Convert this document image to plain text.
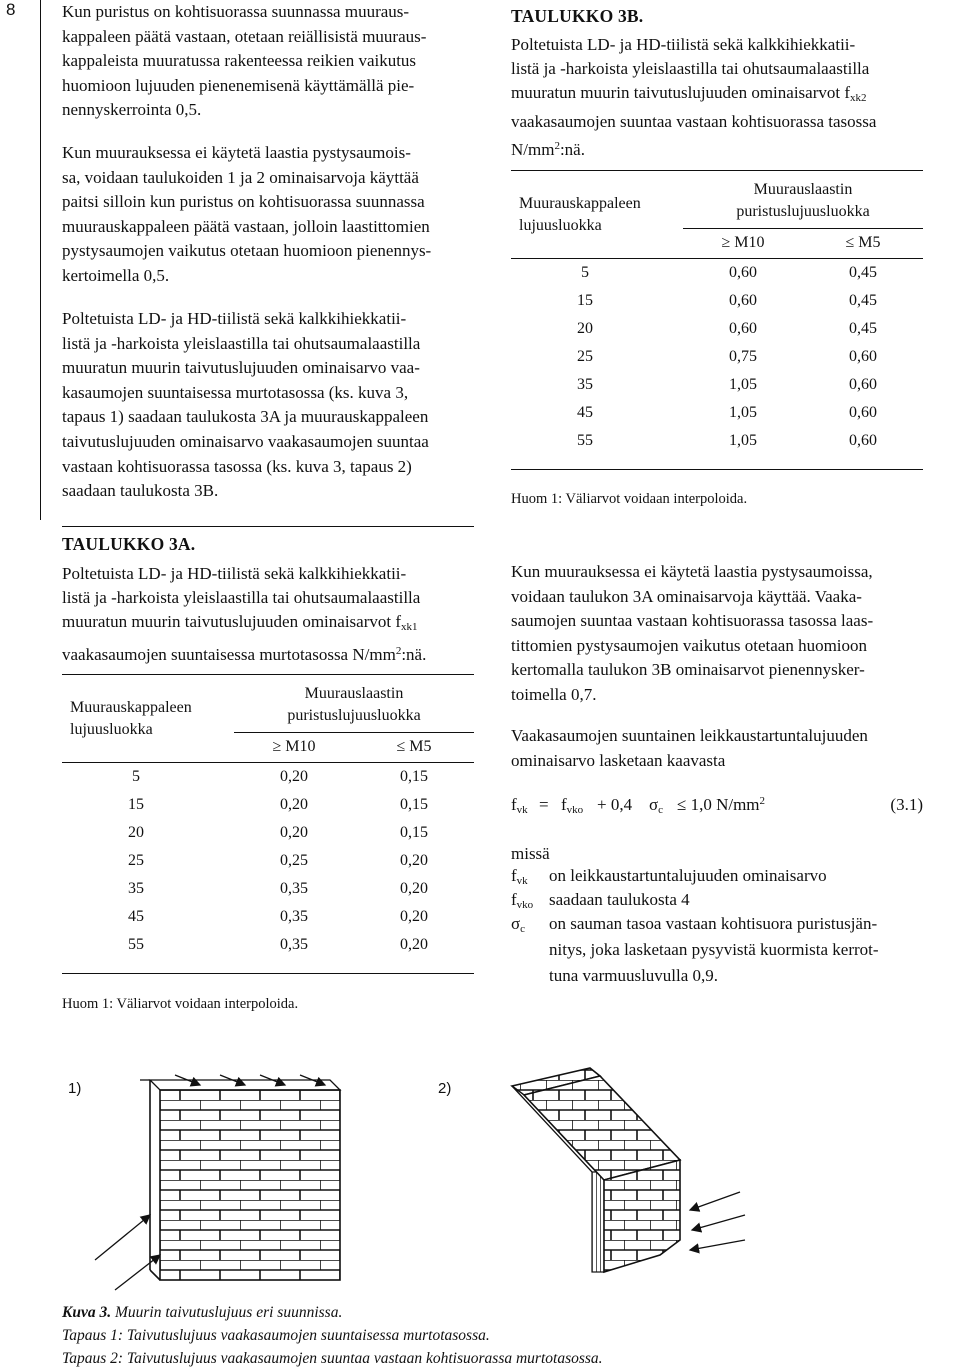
8	Kun puristus on kohtisuorassa suunnassa muuraus-
kappaleen päätä vastaan, otetaan reiällisistä muuraus-
kappaleista muuratussa rakenteessa reikien vaikutus
huomioon lujuuden pienenemisenä käyttämällä pie-
nennyskerrointa 0,5.
Kun muurauksessa ei käytetä laastia pystysaumois-
sa, voidaan taulukoiden 1 ja 2 ominaisarvoja käyttää
paitsi silloin kun puristus on kohtisuorassa suunnassa
muurauskappaleen päätä vastaan, jolloin laastittomien
pystysaumojen vaikutus otetaan huomioon pienennys-
kertoimella 0,5.
Poltetuista LD- ja HD-tiilistä sekä kalkkihiekkatii-
listä ja -harkoista yleislaastilla tai ohutsaumalaastilla
muuratun muurin taivutuslujuuden ominaisarvo vaa-
kasaumojen suuntaisessa murtotasossa (ks. kuva 3,
tapaus 1) saadaan taulukosta 3A ja muurauskappaleen
taivutuslujuuden ominaisarvo vaakasaumojen suuntaa
vastaan kohtisuorassa tasossa (ks. kuva 3, tapaus 2)
saadaan taulukosta 3B.
TAULUKKO 3A.
Poltetuista LD- ja HD-tiilistä sekä kalkkihiekkatii-
listä ja -harkoista yleislaastilla tai ohutsaumalaastilla
muuratun muurin taivutuslujuuden ominaisarvot $f_{xk1}$
vaakasaumojen suuntaisessa murtotasossa $N/mm^2:nä$.
Muurauskappaleen
lujuusluokka
Muurauslaastin
puristuslujuusluokka
≥ M10	≤ M5
5	0,20	0,15
15	0,20	0,15
20	0,20	0,15
25	0,25	0,20
35	0,35	0,20
45	0,35	0,20
55	0,35	0,20
Huom 1: Väliarvot voidaan interpoloida.
TAULUKKO 3B.
Poltetuista LD- ja HD-tiilistä sekä kalkkihiekkatii-
listä ja -harkoista yleislaastilla tai ohutsaumalaastilla
muuratun muurin taivutuslujuuden ominaisarvot $f_{xk2}$
vaakasaumojen suuntaa vastaan kohtisuorassa tasossa
$N/mm^2:nä$.
Muurauskappaleen
lujuusluokka
Muurauslaastin
puristuslujuusluokka
≥ M10	≤ M5
5	0,60	0,45
15	0,60	0,45
20	0,60	0,45
25	0,75	0,60
35	1,05	0,60
45	1,05	0,60
55	1,05	0,60
Huom 1: Väliarvot voidaan interpoloida.
Kun muurauksessa ei käytetä laastia pystysaumoissa,
voidaan taulukon 3A ominaisarvoja käyttää. Vaaka-
saumojen suuntaa vastaan kohtisuorassa tasossa laas-
tittomien pystysaumojen vaikutus otetaan huomioon
kertomalla taulukon 3B ominaisarvot pienennysker-
toimella 0,7.
Vaakasaumojen suuntainen leikkaustartuntalujuuden
ominaisarvo lasketaan kaavasta
$f_{vk} = f_{vko} + 0,4$ $\sigma_c \le 1,0$ $N/mm^2$	(3.1)
missä
$f_{vk}$ on leikkaustartuntalujuuden ominaisarvo
$f_{vko}$ saadaan taulukosta 4
$\sigma_c$ on sauman tasoa vastaan kohtisuora puristusjän-
nitys, joka lasketaan pysyvistä kuormista kerrot-
tuna varmuusluvulla 0,9.
1)	2)
Kuva 3. Muurin taivutuslujuus eri suunnissa.
Tapaus 1: Taivutuslujuus vaakasaumojen suuntaisessa murtotasossa.
Tapaus 2: Taivutuslujuus vaakasaumojen suuntaa vastaan kohtisuorassa murtotasossa.
